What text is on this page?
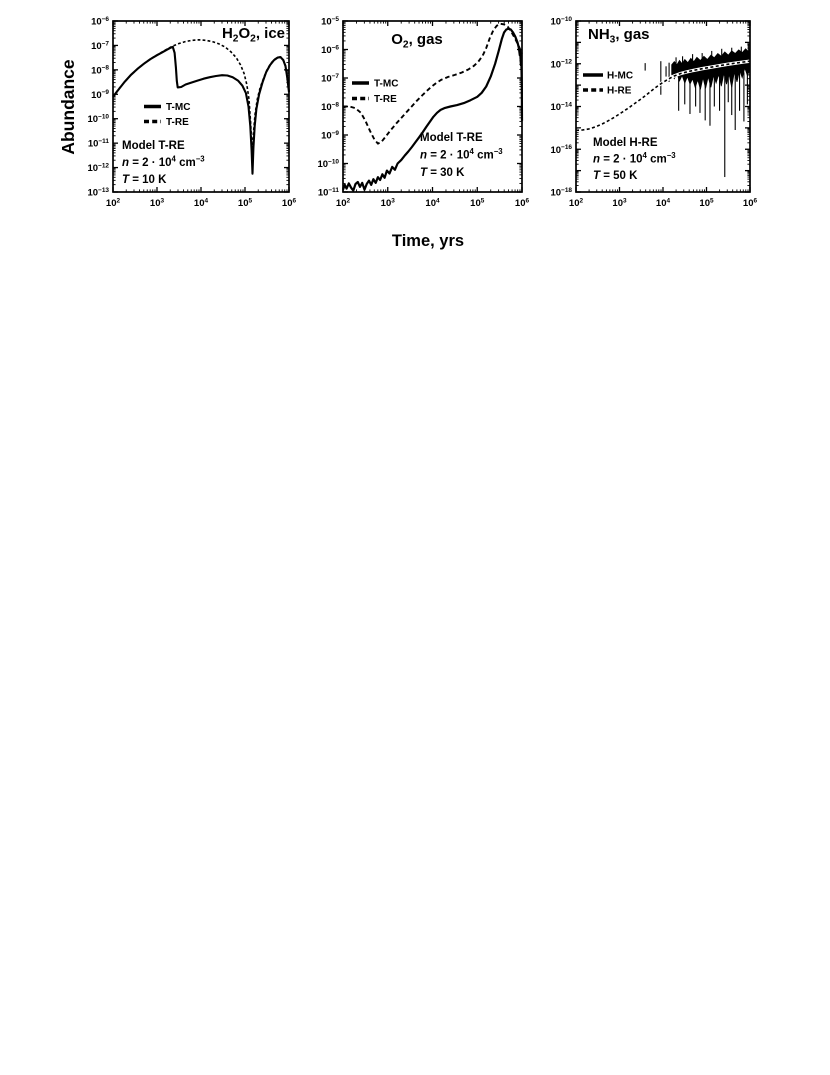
Abundance
Time, yrs
$10^2$	$10^3$	$10^4$	$10^5$	$10^6$
$10^{-6}$
$10^{-7}$
$10^{-8}$
$10^{-9}$
$10^{-10}$
$10^{-11}$
$10^{-12}$
$10^{-13}$
$H_2O_2$, ice
T-MC
T-RE
Model T-RE
$n = 2 \cdot 10^4$ $cm^{-3}$
T = 10 K
$10^2$	$10^3$	$10^4$	$10^5$	$10^6$
$10^{-5}$
$10^{-6}$
$10^{-7}$
$10^{-8}$
$10^{-9}$
$10^{-10}$
$10^{-11}$
$O_2$, gas
T-MC
T-RE
Model T-RE
$n = 2 \cdot 10^4$ $cm^{-3}$
T = 30 K
$10^2$	$10^3$	$10^4$	$10^5$	$10^6$
$10^{-10}$
$10^{-12}$
$10^{-14}$
$10^{-16}$
$10^{-18}$
$NH_3$, gas
H-MC
H-RE
Model H-RE
$n = 2 \cdot 10^4$ $cm^{-3}$
T = 50 K
